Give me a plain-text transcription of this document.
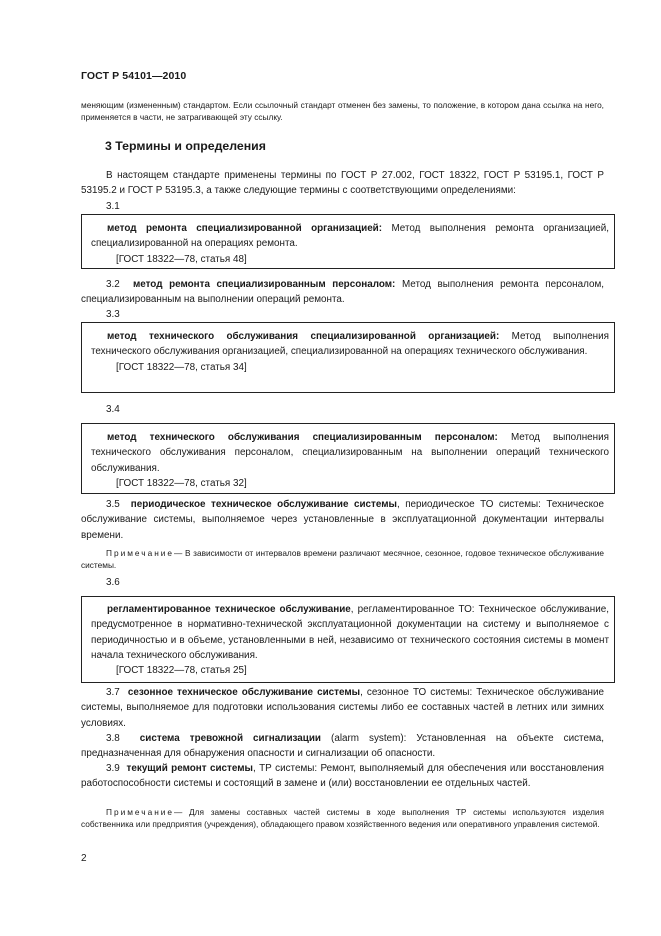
ГОСТ Р 54101—2010
меняющим (измененным) стандартом. Если ссылочный стандарт отменен без замены, то положение, в котором дана ссылка на него, применяется в части, не затрагивающей эту ссылку.
3 Термины и определения
В настоящем стандарте применены термины по ГОСТ Р 27.002, ГОСТ 18322, ГОСТ Р 53195.1, ГОСТ Р 53195.2 и ГОСТ Р 53195.3, а также следующие термины с соответствующими определениями:
3.1
метод ремонта специализированной организацией: Метод выполнения ремонта организацией, специализированной на операциях ремонта.
[ГОСТ 18322—78, статья 48]
3.2 метод ремонта специализированным персоналом: Метод выполнения ремонта персоналом, специализированным на выполнении операций ремонта.
3.3
метод технического обслуживания специализированной организацией: Метод выполнения технического обслуживания организацией, специализированной на операциях технического обслуживания.
[ГОСТ 18322—78, статья 34]
3.4
метод технического обслуживания специализированным персоналом: Метод выполнения технического обслуживания персоналом, специализированным на выполнении операций технического обслуживания.
[ГОСТ 18322—78, статья 32]
3.5 периодическое техническое обслуживание системы, периодическое ТО системы: Техническое обслуживание системы, выполняемое через установленные в эксплуатационной документации интервалы времени.
Примечание— В зависимости от интервалов времени различают месячное, сезонное, годовое техническое обслуживание системы.
3.6
регламентированное техническое обслуживание, регламентированное ТО: Техническое обслуживание, предусмотренное в нормативно-технической эксплуатационной документации на систему и выполняемое с периодичностью и в объеме, установленными в ней, независимо от технического состояния системы в момент начала технического обслуживания.
[ГОСТ 18322—78, статья 25]
3.7 сезонное техническое обслуживание системы, сезонное ТО системы: Техническое обслуживание системы, выполняемое для подготовки использования системы либо ее составных частей в летних или зимних условиях.
3.8 система тревожной сигнализации (alarm system): Установленная на объекте система, предназначенная для обнаружения опасности и сигнализации об опасности.
3.9 текущий ремонт системы, ТР системы: Ремонт, выполняемый для обеспечения или восстановления работоспособности системы и состоящий в замене и (или) восстановлении ее отдельных частей.
Примечание— Для замены составных частей системы в ходе выполнения ТР системы используются изделия собственника или предприятия (учреждения), обладающего правом хозяйственного ведения или оперативного управления системой.
2
